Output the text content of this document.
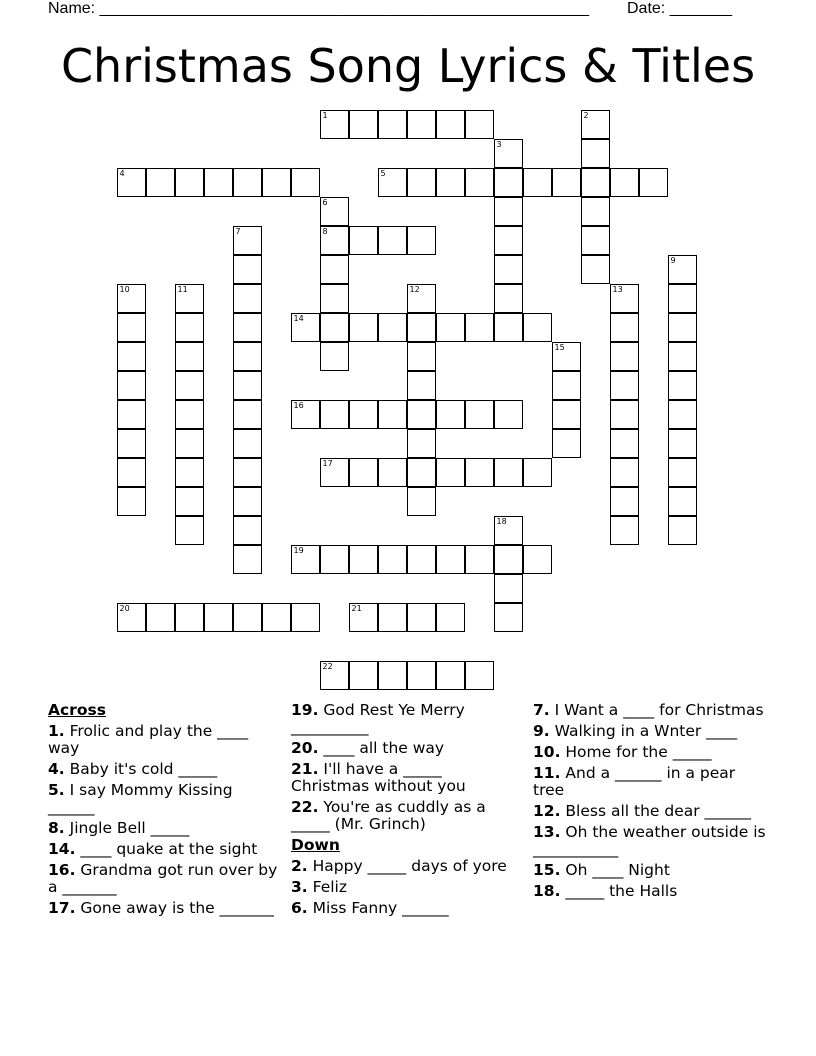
Name: _______________________________________________________ Date: _______
Christmas Song Lyrics & Titles
1
4	5
8
14
16
17
19
20	21
22
2
3
6
7
9
10	11	12	13
15
18
Across
1. Frolic and play the ____ way
4. Baby it's cold _____
5. I say Mommy Kissing ______
8. Jingle Bell _____
14. ____ quake at the sight
16. Grandma got run over by a _______
17. Gone away is the _______
19. God Rest Ye Merry __________
20. ____ all the way
21. I'll have a _____ Christmas without you
22. You're as cuddly as a _____ (Mr. Grinch)
Down
2. Happy _____ days of yore
3. Feliz
6. Miss Fanny ______
7. I Want a ____ for Christmas
9. Walking in a Wnter ____
10. Home for the _____
11. And a ______ in a pear tree
12. Bless all the dear ______
13. Oh the weather outside is ___________
15. Oh ____ Night
18. _____ the Halls
